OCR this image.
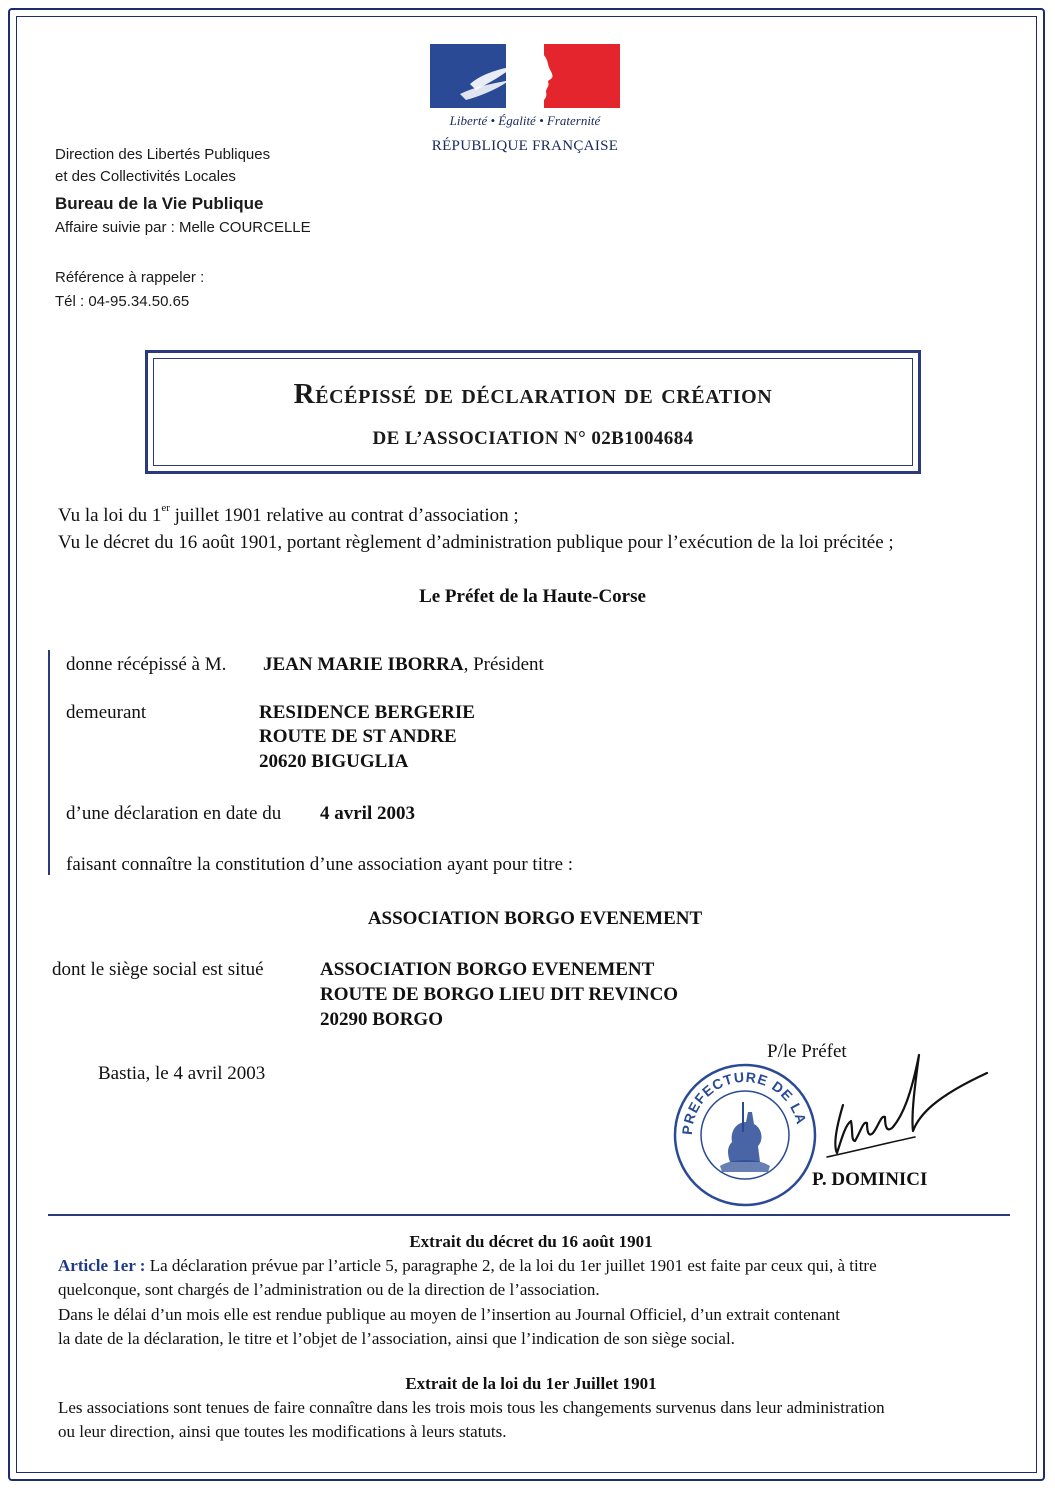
Liberté • Égalité • Fraternité
RÉPUBLIQUE FRANÇAISE
Direction des Libertés Publiques
et des Collectivités Locales
Bureau de la Vie Publique
Affaire suivie par : Melle COURCELLE
Référence à rappeler :
Tél : 04-95.34.50.65
Récépissé de déclaration de création
DE L’ASSOCIATION N° 02B1004684
Vu la loi du 1er juillet 1901 relative au contrat d’association ;
Vu le décret du 16 août 1901, portant règlement d’administration publique pour l’exécution de la loi précitée ;
Le Préfet de la Haute-Corse
donne récépissé à M. JEAN MARIE IBORRA, Président
demeurant	RESIDENCE BERGERIE
ROUTE DE ST ANDRE
20620 BIGUGLIA
d’une déclaration en date du 4 avril 2003
faisant connaître la constitution d’une association ayant pour titre :
ASSOCIATION BORGO EVENEMENT
dont le siège social est situé	ASSOCIATION BORGO EVENEMENT
ROUTE DE BORGO LIEU DIT REVINCO
20290 BORGO
Bastia, le 4 avril 2003
P/le Préfet
PREFECTURE DE LA
P. DOMINICI
Extrait du décret du 16 août 1901
Article 1er : La déclaration prévue par l’article 5, paragraphe 2, de la loi du 1er juillet 1901 est faite par ceux qui, à titre
quelconque, sont chargés de l’administration ou de la direction de l’association.
Dans le délai d’un mois elle est rendue publique au moyen de l’insertion au Journal Officiel, d’un extrait contenant
la date de la déclaration, le titre et l’objet de l’association, ainsi que l’indication de son siège social.
Extrait de la loi du 1er Juillet 1901
Les associations sont tenues de faire connaître dans les trois mois tous les changements survenus dans leur administration
ou leur direction, ainsi que toutes les modifications à leurs statuts.
